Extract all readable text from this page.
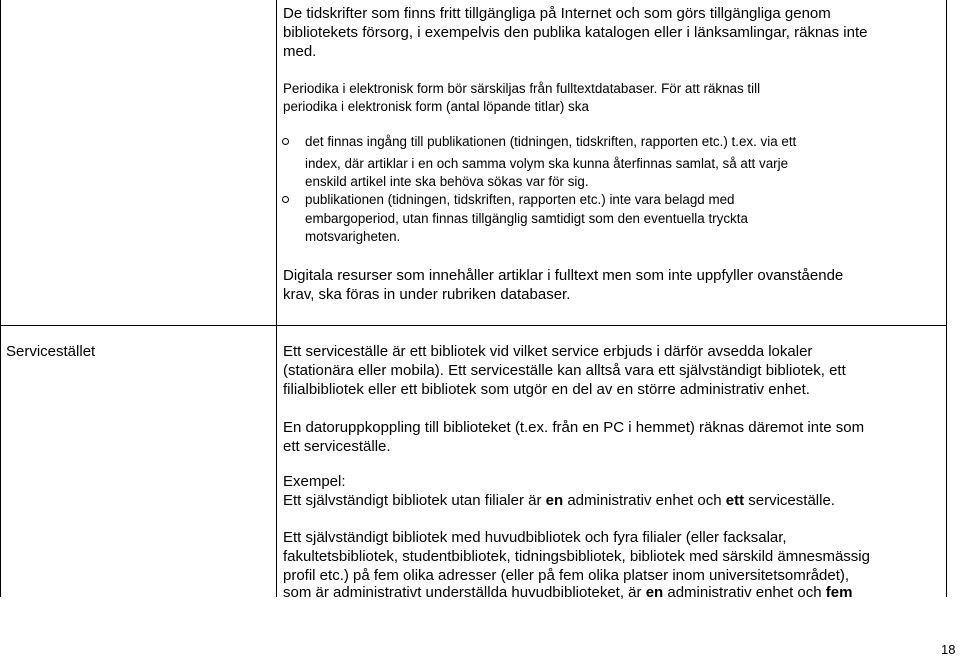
De tidskrifter som finns fritt tillgängliga på Internet och som görs tillgängliga genom

bibliotekets försorg, i exempelvis den publika katalogen eller i länksamlingar, räknas inte

med.

Periodika i elektronisk form bör särskiljas från fulltextdatabaser. För att räknas till

periodika i elektronisk form (antal löpande titlar) ska

det finnas ingång till publikationen (tidningen, tidskriften, rapporten etc.) t.ex. via ett

index, där artiklar i en och samma volym ska kunna återfinnas samlat, så att varje

enskild artikel inte ska behöva sökas var för sig.

publikationen (tidningen, tidskriften, rapporten etc.) inte vara belagd med

embargoperiod, utan finnas tillgänglig samtidigt som den eventuella tryckta

motsvarigheten.

Digitala resurser som innehåller artiklar i fulltext men som inte uppfyller ovanstående

krav, ska föras in under rubriken databaser.

Servicestället	Ett serviceställe är ett bibliotek vid vilket service erbjuds i därför avsedda lokaler

(stationära eller mobila). Ett serviceställe kan alltså vara ett självständigt bibliotek, ett

filialbibliotek eller ett bibliotek som utgör en del av en större administrativ enhet.

En datoruppkoppling till biblioteket (t.ex. från en PC i hemmet) räknas däremot inte som

ett serviceställe.

Exempel:

Ett självständigt bibliotek utan filialer är en administrativ enhet och ett serviceställe.

Ett självständigt bibliotek med huvudbibliotek och fyra filialer (eller facksalar,

fakultetsbibliotek, studentbibliotek, tidningsbibliotek, bibliotek med särskild ämnesmässig

profil etc.) på fem olika adresser (eller på fem olika platser inom universitetsområdet),

som är administrativt underställda huvudbiblioteket, är en administrativ enhet och fem

18
